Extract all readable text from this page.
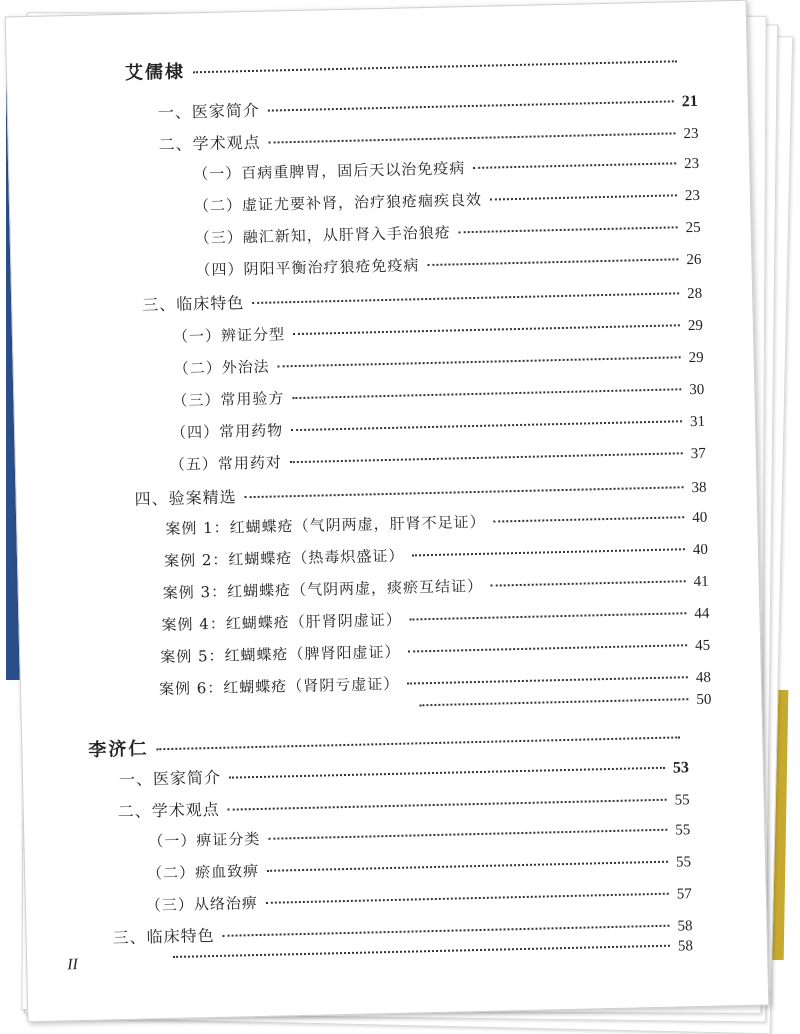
艾儒棣
一、医家简介	21
二、学术观点	23
（一）百病重脾胃，固后天以治免疫病	23
（二）虚证尤要补肾，治疗狼疮痼疾良效	23
（三）融汇新知，从肝肾入手治狼疮	25
（四）阴阳平衡治疗狼疮免疫病	26
三、临床特色	28
（一）辨证分型	29
（二）外治法	29
（三）常用验方	30
（四）常用药物	31
（五）常用药对	37
四、验案精选	38
案例 1：红蝴蝶疮（气阴两虚，肝肾不足证）	40
案例 2：红蝴蝶疮（热毒炽盛证）	40
案例 3：红蝴蝶疮（气阴两虚，痰瘀互结证）	41
案例 4：红蝴蝶疮（肝肾阴虚证）	44
案例 5：红蝴蝶疮（脾肾阳虚证）	45
案例 6：红蝴蝶疮（肾阴亏虚证）	48
50
李济仁
一、医家简介	53
二、学术观点	55
（一）痹证分类	55
（二）瘀血致痹	55
（三）从络治痹	57
三、临床特色	58
58
II
